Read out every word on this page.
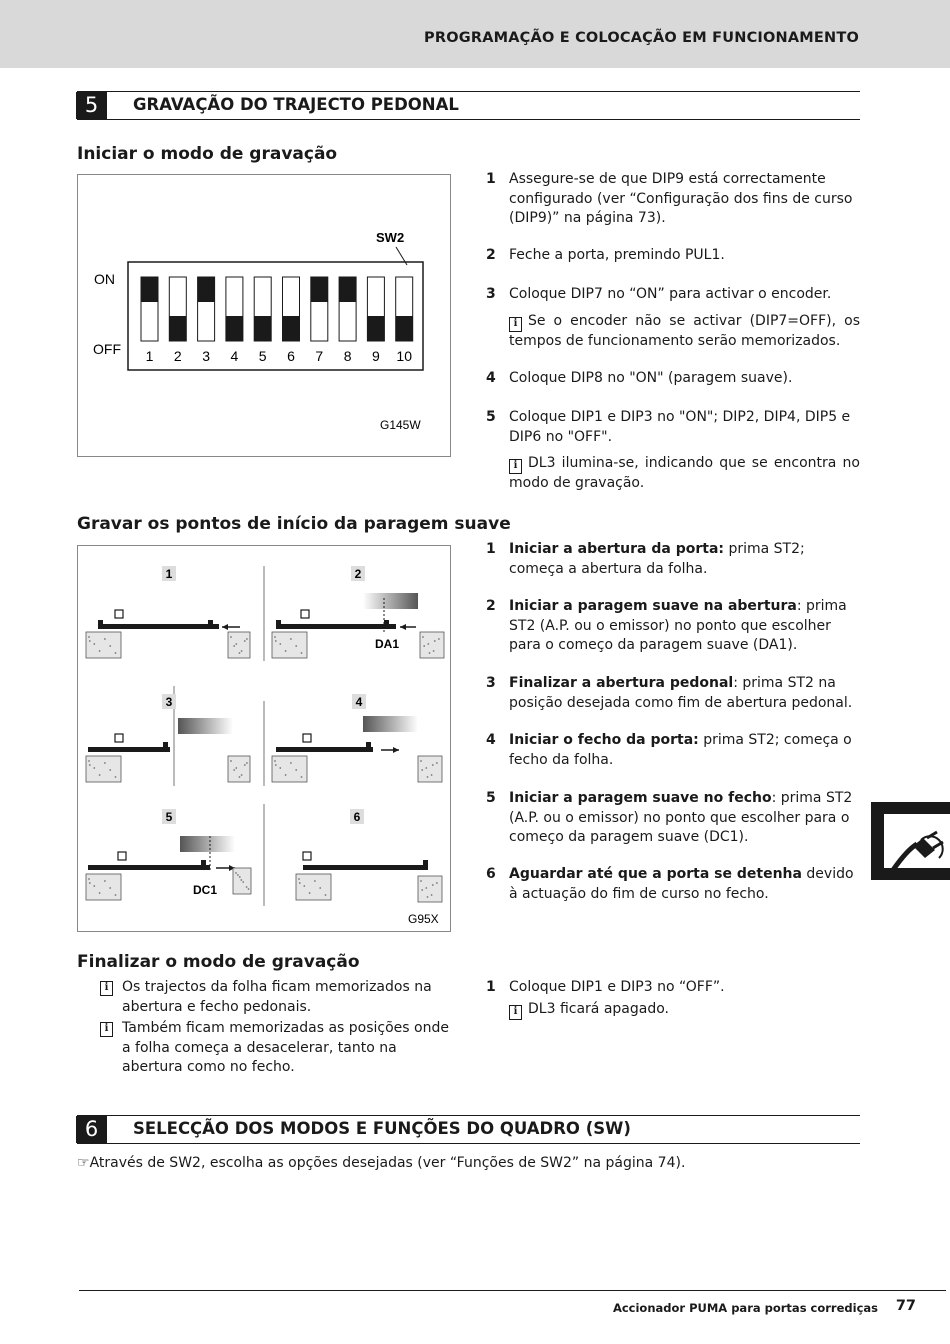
PROGRAMAÇÃO E COLOCAÇÃO EM FUNCIONAMENTO
5	GRAVAÇÃO DO TRAJECTO PEDONAL
Iniciar o modo de gravação
SW2
ON
OFF 1 2 3 4 5 6 7 8 9 10
G145W
1 Assegure-se de que DIP9 está correctamente configurado (ver “Configuração dos fins de curso (DIP9)” na página 73).
2 Feche a porta, premindo PUL1.
3 Coloque DIP7 no “ON” para activar o encoder.
i Se o encoder não se activar (DIP7=OFF), os tempos de funcionamento serão memorizados.
4 Coloque DIP8 no "ON" (paragem suave).
5 Coloque DIP1 e DIP3 no "ON"; DIP2, DIP4, DIP5 e DIP6 no "OFF".
i DL3 ilumina-se, indicando que se encontra no modo de gravação.
Gravar os pontos de início da paragem suave
1	2
3	4
5	6
DA1
DC1
G95X
1 Iniciar a abertura da porta: prima ST2; começa a abertura da folha.
2 Iniciar a paragem suave na abertura: prima ST2 (A.P. ou o emissor) no ponto que escolher para o começo da paragem suave (DA1).
3 Finalizar a abertura pedonal: prima ST2 na posição desejada como fim de abertura pedonal.
4 Iniciar o fecho da porta: prima ST2; começa o fecho da folha.
5 Iniciar a paragem suave no fecho: prima ST2 (A.P. ou o emissor) no ponto que escolher para o começo da paragem suave (DC1).
6 Aguardar até que a porta se detenha devido à actuação do fim de curso no fecho.
Finalizar o modo de gravação
i Os trajectos da folha ficam memorizados na abertura e fecho pedonais.
i Também ficam memorizadas as posições onde a folha começa a desacelerar, tanto na abertura como no fecho.
1 Coloque DIP1 e DIP3 no “OFF”.
i DL3 ficará apagado.
6	SELECÇÃO DOS MODOS E FUNÇÕES DO QUADRO (SW)
☞Através de SW2, escolha as opções desejadas (ver “Funções de SW2” na página 74).
Accionador PUMA para portas corrediças 77
